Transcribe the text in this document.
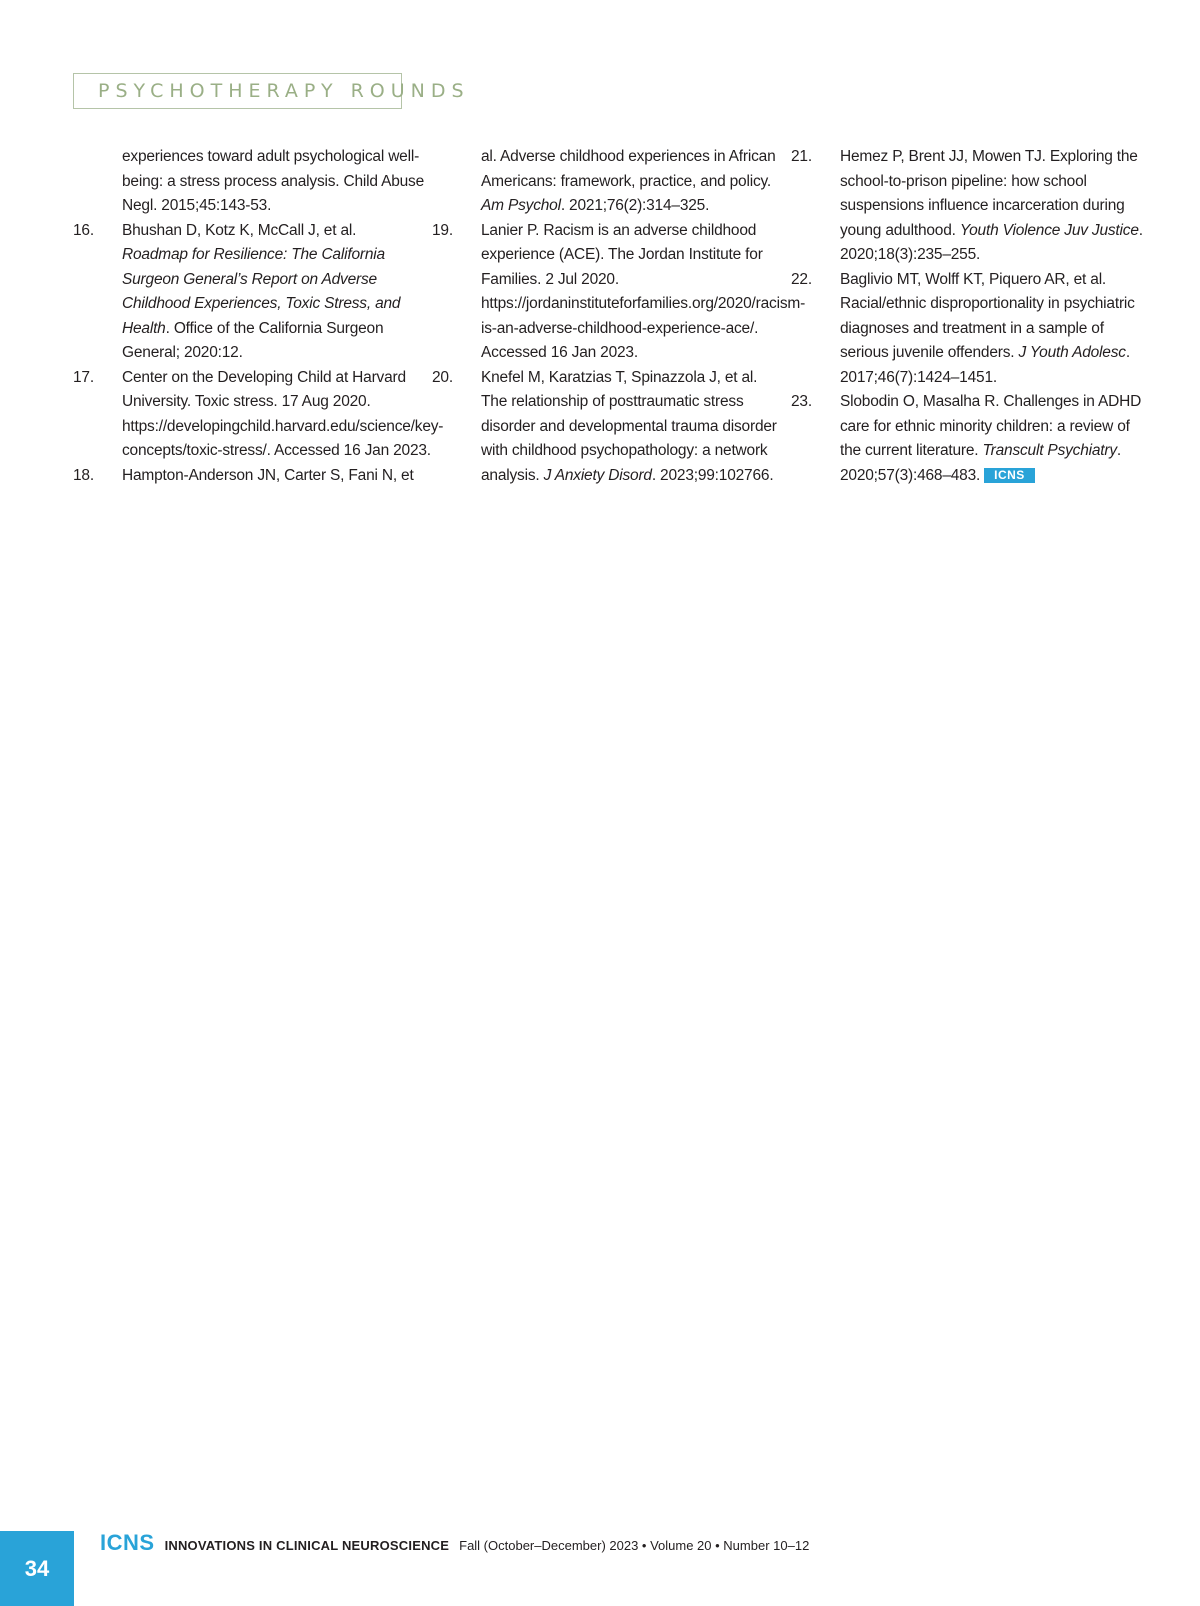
PSYCHOTHERAPY ROUNDS
experiences toward adult psychological well-being: a stress process analysis. Child Abuse Negl. 2015;45:143-53.
16.	Bhushan D, Kotz K, McCall J, et al. Roadmap for Resilience: The California Surgeon General’s Report on Adverse Childhood Experiences, Toxic Stress, and Health. Office of the California Surgeon General; 2020:12.
17.	Center on the Developing Child at Harvard University. Toxic stress. 17 Aug 2020. https://developingchild.harvard.edu/science/key-concepts/toxic-stress/. Accessed 16 Jan 2023.
18.	Hampton-Anderson JN, Carter S, Fani N, et
al. Adverse childhood experiences in African Americans: framework, practice, and policy. Am Psychol. 2021;76(2):314–325.
19.	Lanier P. Racism is an adverse childhood experience (ACE). The Jordan Institute for Families. 2 Jul 2020. https://jordaninstituteforfamilies.org/2020/racism-is-an-adverse-childhood-experience-ace/. Accessed 16 Jan 2023.
20.	Knefel M, Karatzias T, Spinazzola J, et al. The relationship of posttraumatic stress disorder and developmental trauma disorder with childhood psychopathology: a network analysis. J Anxiety Disord. 2023;99:102766.
21.	Hemez P, Brent JJ, Mowen TJ. Exploring the school-to-prison pipeline: how school suspensions influence incarceration during young adulthood. Youth Violence Juv Justice. 2020;18(3):235–255.
22.	Baglivio MT, Wolff KT, Piquero AR, et al. Racial/ethnic disproportionality in psychiatric diagnoses and treatment in a sample of serious juvenile offenders. J Youth Adolesc. 2017;46(7):1424–1451.
23.	Slobodin O, Masalha R. Challenges in ADHD care for ethnic minority children: a review of the current literature. Transcult Psychiatry. 2020;57(3):468–483. ICNS
34
ICNS INNOVATIONS IN CLINICAL NEUROSCIENCE Fall (October–December) 2023 • Volume 20 • Number 10–12
